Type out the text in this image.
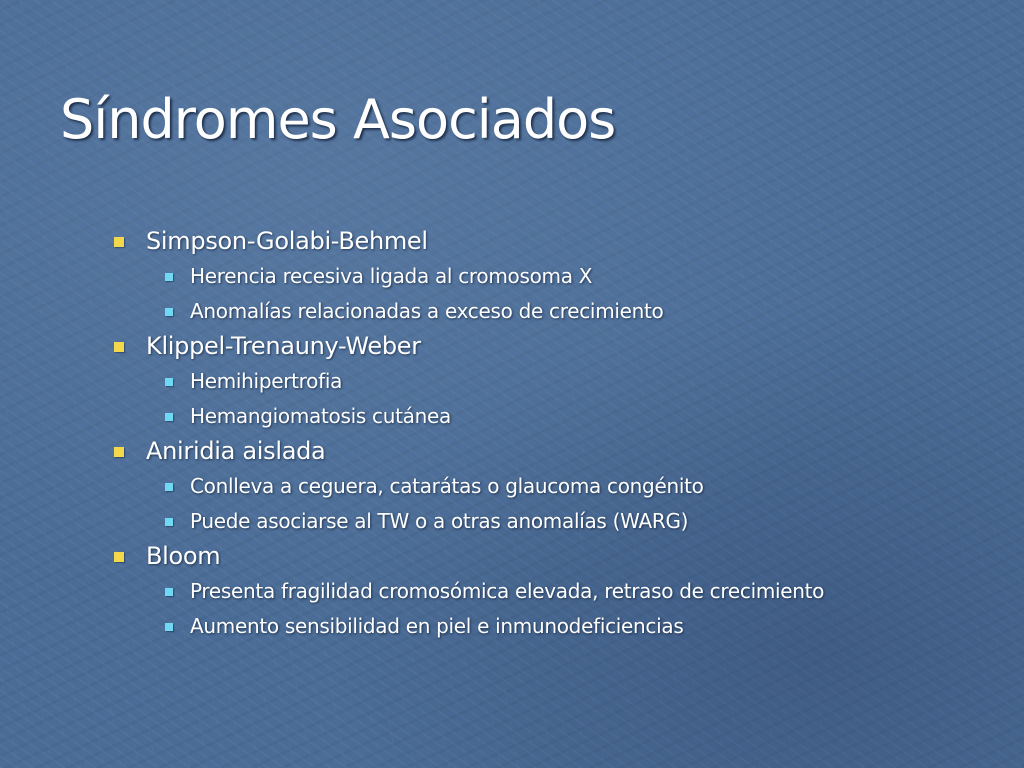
Síndromes Asociados
Simpson-Golabi-Behmel
Herencia recesiva ligada al cromosoma X
Anomalías relacionadas a exceso de crecimiento
Klippel-Trenauny-Weber
Hemihipertrofia
Hemangiomatosis cutánea
Aniridia aislada
Conlleva a ceguera, catarátas o glaucoma congénito
Puede asociarse al TW o a otras anomalías (WARG)
Bloom
Presenta fragilidad cromosómica elevada, retraso de crecimiento
Aumento sensibilidad en piel e inmunodeficiencias
